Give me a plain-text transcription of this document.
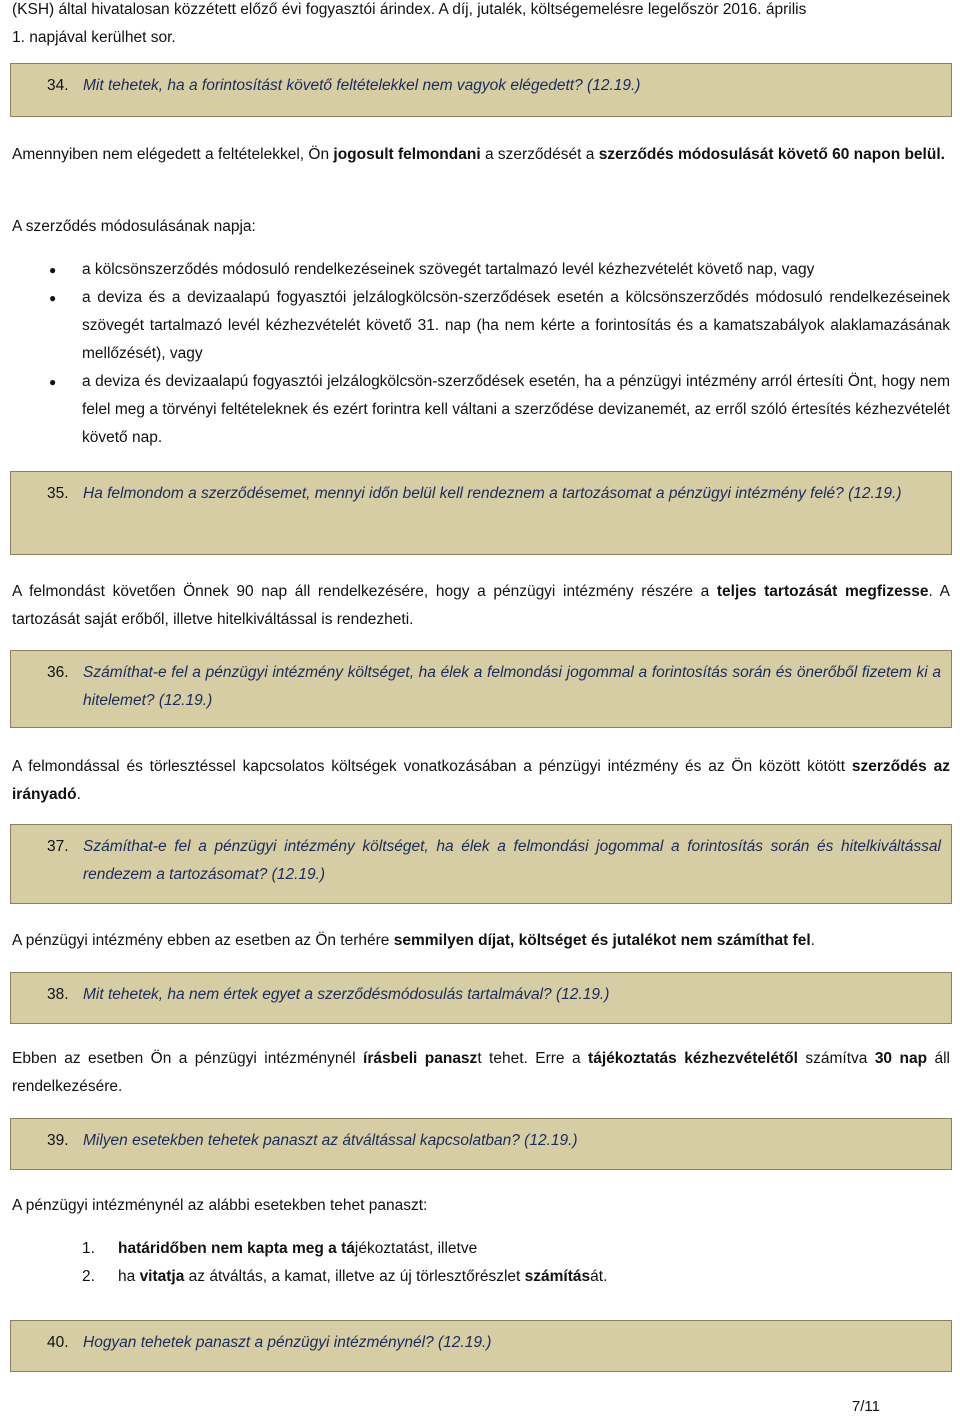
(KSH) által hivatalosan közzétett előző évi fogyasztói árindex. A díj, jutalék, költségemelésre legelőször 2016. április
1. napjával kerülhet sor.

34. Mit tehetek, ha a forintosítást követő feltételekkel nem vagyok elégedett? (12.19.)

Amennyiben nem elégedett a feltételekkel, Ön jogosult felmondani a szerződését a szerződés módosulását követő 60 napon belül.

A szerződés módosulásának napja:

● a kölcsönszerződés módosuló rendelkezéseinek szövegét tartalmazó levél kézhezvételét követő nap, vagy
● a deviza és a devizaalapú fogyasztói jelzálogkölcsön-szerződések esetén a kölcsönszerződés módosuló rendelkezéseinek szövegét tartalmazó levél kézhezvételét követő 31. nap (ha nem kérte a forintosítás és a kamatszabályok alaklamazásának mellőzését), vagy
● a deviza és devizaalapú fogyasztói jelzálogkölcsön-szerződések esetén, ha a pénzügyi intézmény arról értesíti Önt, hogy nem felel meg a törvényi feltételeknek és ezért forintra kell váltani a szerződése devizanemét, az erről szóló értesítés kézhezvételét követő nap.
35. Ha felmondom a szerződésemet, mennyi időn belül kell rendeznem a tartozásomat a pénzügyi intézmény felé? (12.19.)

A felmondást követően Önnek 90 nap áll rendelkezésére, hogy a pénzügyi intézmény részére a teljes tartozását megfizesse. A tartozását saját erőből, illetve hitelkiváltással is rendezheti.

36. Számíthat-e fel a pénzügyi intézmény költséget, ha élek a felmondási jogommal a forintosítás során és önerőből fizetem ki a hitelemet? (12.19.)

A felmondással és törlesztéssel kapcsolatos költségek vonatkozásában a pénzügyi intézmény és az Ön között kötött szerződés az irányadó.

37. Számíthat-e fel a pénzügyi intézmény költséget, ha élek a felmondási jogommal a forintosítás során és hitelkiváltással rendezem a tartozásomat? (12.19.)

A pénzügyi intézmény ebben az esetben az Ön terhére semmilyen díjat, költséget és jutalékot nem számíthat fel.

38. Mit tehetek, ha nem értek egyet a szerződésmódosulás tartalmával? (12.19.)

Ebben az esetben Ön a pénzügyi intézménynél írásbeli panaszt tehet. Erre a tájékoztatás kézhezvételétől számítva 30 nap áll rendelkezésére.

39. Milyen esetekben tehetek panaszt az átváltással kapcsolatban? (12.19.)

A pénzügyi intézménynél az alábbi esetekben tehet panaszt:

1. határidőben nem kapta meg a tájékoztatást, illetve
2. ha vitatja az átváltás, a kamat, illetve az új törlesztőrészlet számítását.
40. Hogyan tehetek panaszt a pénzügyi intézménynél? (12.19.)
7/11
